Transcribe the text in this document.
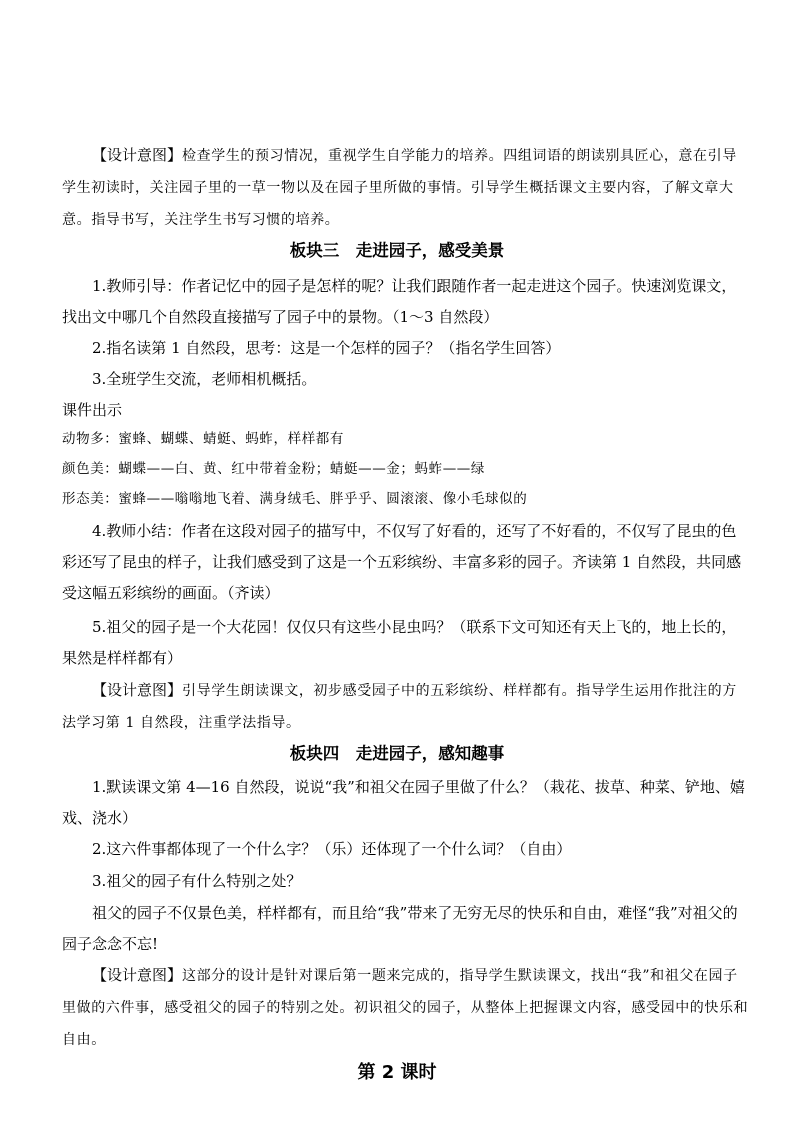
【设计意图】检查学生的预习情况，重视学生自学能力的培养。四组词语的朗读别具匠心，意在引导学生初读时，关注园子里的一草一物以及在园子里所做的事情。引导学生概括课文主要内容，了解文章大意。指导书写，关注学生书写习惯的培养。

板块三　走进园子，感受美景

1.教师引导：作者记忆中的园子是怎样的呢？让我们跟随作者一起走进这个园子。快速浏览课文，找出文中哪几个自然段直接描写了园子中的景物。（1～3 自然段）

2.指名读第 1 自然段，思考：这是一个怎样的园子？（指名学生回答）

3.全班学生交流，老师相机概括。

课件出示

动物多：蜜蜂、蝴蝶、蜻蜓、蚂蚱，样样都有

颜色美：蝴蝶——白、黄、红中带着金粉；蜻蜓——金；蚂蚱——绿

形态美：蜜蜂——嗡嗡地飞着、满身绒毛、胖乎乎、圆滚滚、像小毛球似的

4.教师小结：作者在这段对园子的描写中，不仅写了好看的，还写了不好看的，不仅写了昆虫的色彩还写了昆虫的样子，让我们感受到了这是一个五彩缤纷、丰富多彩的园子。齐读第 1 自然段，共同感受这幅五彩缤纷的画面。（齐读）

5.祖父的园子是一个大花园！仅仅只有这些小昆虫吗？（联系下文可知还有天上飞的，地上长的，果然是样样都有）

【设计意图】引导学生朗读课文，初步感受园子中的五彩缤纷、样样都有。指导学生运用作批注的方法学习第 1 自然段，注重学法指导。

板块四　走进园子，感知趣事

1.默读课文第 4—16 自然段，说说“我”和祖父在园子里做了什么？（栽花、拔草、种菜、铲地、嬉戏、浇水）

2.这六件事都体现了一个什么字？（乐）还体现了一个什么词？（自由）

3.祖父的园子有什么特别之处？

祖父的园子不仅景色美，样样都有，而且给“我”带来了无穷无尽的快乐和自由，难怪“我”对祖父的园子念念不忘!

【设计意图】这部分的设计是针对课后第一题来完成的，指导学生默读课文，找出“我”和祖父在园子里做的六件事，感受祖父的园子的特别之处。初识祖父的园子，从整体上把握课文内容，感受园中的快乐和自由。

第 2 课时
